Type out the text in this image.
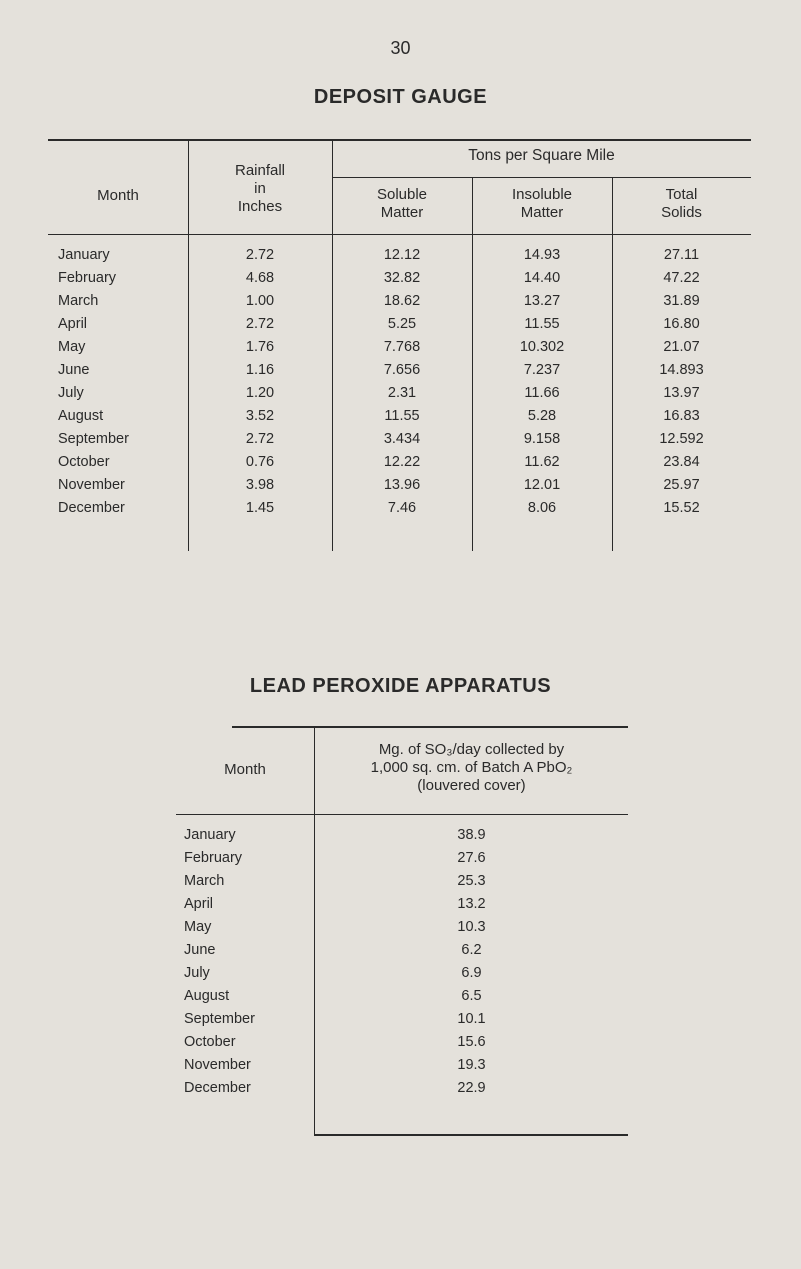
30
DEPOSIT GAUGE
Month
Rainfall
in
Inches
Tons per Square Mile
Soluble
Matter
Insoluble
Matter
Total
Solids
January	2.72	12.12	14.93	27.11
February	4.68	32.82	14.40	47.22
March	1.00	18.62	13.27	31.89
April	2.72	5.25	11.55	16.80
May	1.76	7.768	10.302	21.07
June	1.16	7.656	7.237	14.893
July	1.20	2.31	11.66	13.97
August	3.52	11.55	5.28	16.83
September	2.72	3.434	9.158	12.592
October	0.76	12.22	11.62	23.84
November	3.98	13.96	12.01	25.97
December	1.45	7.46	8.06	15.52
LEAD PEROXIDE APPARATUS
Month
Mg. of SO₃/day collected by
1,000 sq. cm. of Batch A PbO₂
(louvered cover)
January	38.9
February	27.6
March	25.3
April	13.2
May	10.3
June	6.2
July	6.9
August	6.5
September	10.1
October	15.6
November	19.3
December	22.9
